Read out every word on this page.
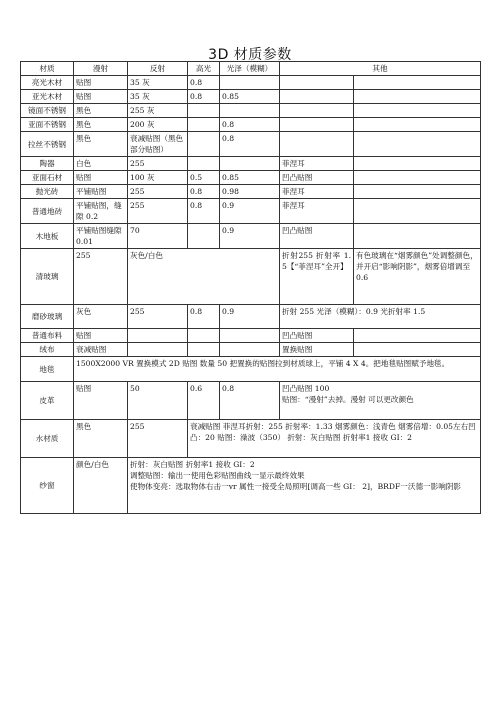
3D 材质参数
材质	漫射	反射	高光	光泽（模糊）	其他	
亮光木材	贴图	35 灰	0.8			
亚光木材	贴图	35 灰	0.8	0.85		
镜面不锈钢	黑色	255 灰				
亚面不锈钢	黑色	200 灰		0.8		
拉丝不锈钢	黑色	衰减贴图（黑色部分贴图）		0.8		
陶器	白色	255			菲涅耳	
亚面石材	贴图	100 灰	0.5	0.85	凹凸贴图	
抛光砖	平铺贴图	255	0.8	0.98	菲涅耳	
普通地砖	平铺贴图，缝隙 0.2	255	0.8	0.9	菲涅耳	
木地板	平铺贴图缝隙 0.01	70		0.9	凹凸贴图	
清玻璃	255	灰色/白色			折射255 折射率 1.5【“菲涅耳”全开】	有色玻璃在“烟雾颜色”处调整颜色，并开启“影响阴影”，烟雾倍增调至 0.6
磨砂玻璃	灰色	255	0.8	0.9	折射 255 光泽（模糊）：0.9 光折射率 1.5	
普通布料	贴图				凹凸贴图	
绒布	衰减贴图				置换贴图	
地毯	1500X2000 VR 置换模式 2D 贴图 数量 50 把置换的贴图拉到材质球上，平铺 4 X 4。把地毯贴图赋予地毯。					
皮革	贴图	50	0.6	0.8	凹凸贴图 100
贴图：“漫射”去掉。漫射 可以更改颜色	

水材质	黑色	255	衰减贴图 菲涅耳折射：255 折射率：1.33 烟雾颜色：浅青色 烟雾倍增：0.05左右凹凸：20 贴图：澡波（350） 折射：灰白贴图 折射率1 接收 GI：2			
纱窗	颜色/白色	折射：灰白贴图 折射率1 接收 GI：2
调整贴图：输出一使用色彩贴图曲线一显示最终效果
使物体变亮：选取物体右击一vr 属性一接受全局照明[调高一些 GI： 2]，BRDF一沃德一影响阴影				
